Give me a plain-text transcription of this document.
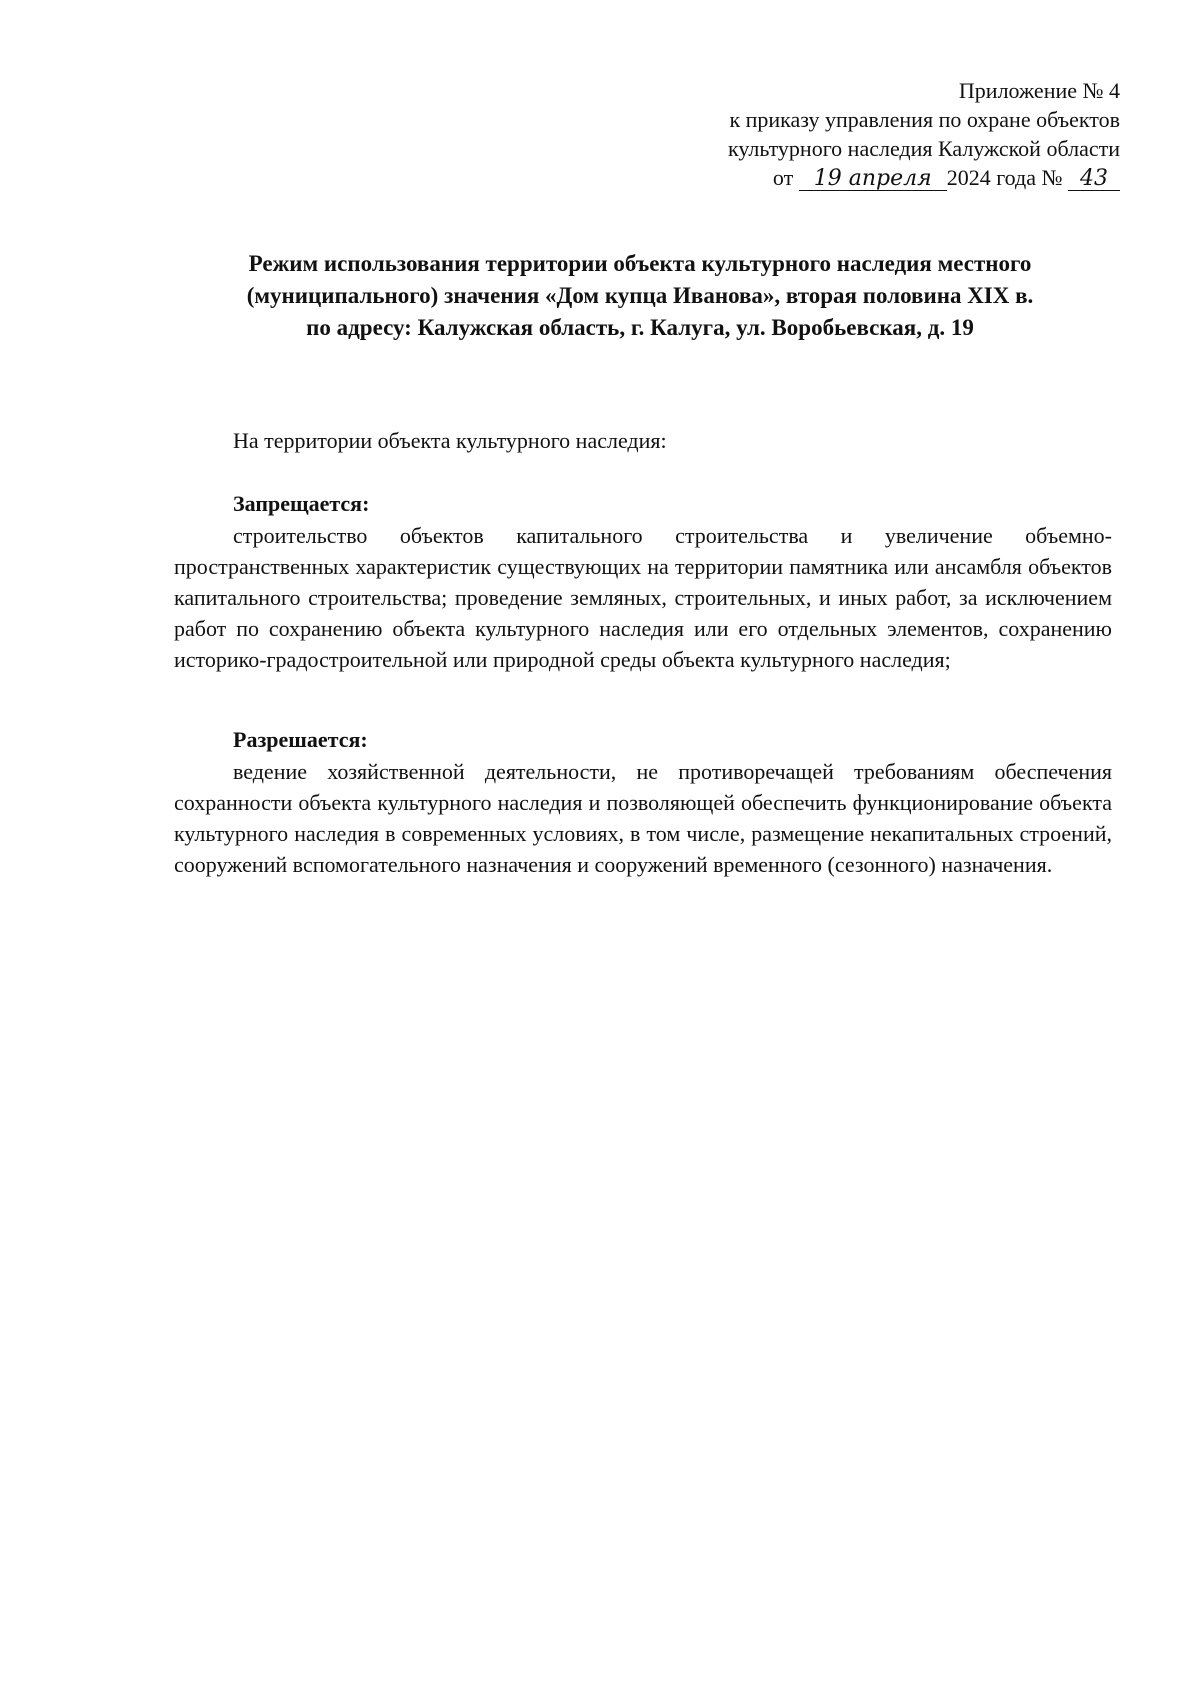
Приложение № 4
к приказу управления по охране объектов
культурного наследия Калужской области
от 19 апреля 2024 года № 43
Режим использования территории объекта культурного наследия местного
(муниципального) значения «Дом купца Иванова», вторая половина XIX в.
по адресу: Калужская область, г. Калуга, ул. Воробьевская, д. 19
На территории объекта культурного наследия:
Запрещается:
строительство объектов капитального строительства и увеличение объемно-пространственных характеристик существующих на территории памятника или ансамбля объектов капитального строительства; проведение земляных, строительных, и иных работ, за исключением работ по сохранению объекта культурного наследия или его отдельных элементов, сохранению историко-градостроительной или природной среды объекта культурного наследия;
Разрешается:
ведение хозяйственной деятельности, не противоречащей требованиям обеспечения сохранности объекта культурного наследия и позволяющей обеспечить функционирование объекта культурного наследия в современных условиях, в том числе, размещение некапитальных строений, сооружений вспомогательного назначения и сооружений временного (сезонного) назначения.
